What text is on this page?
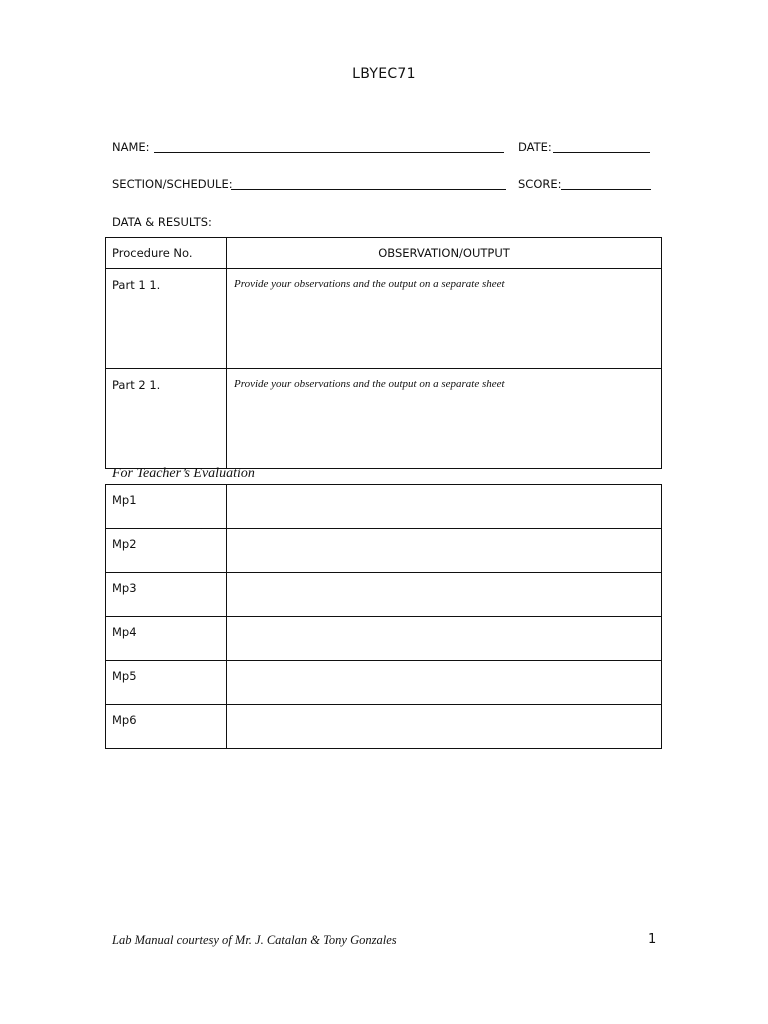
LBYEC71
NAME:	DATE:
SECTION/SCHEDULE:	SCORE:
DATA & RESULTS:
Procedure No.	OBSERVATION/OUTPUT
Part 1 1.	Provide your observations and the output on a separate sheet
Part 2 1.	Provide your observations and the output on a separate sheet
For Teacher’s Evaluation
Mp1	
Mp2	
Mp3	
Mp4	
Mp5	
Mp6	
Lab Manual courtesy of Mr. J. Catalan & Tony Gonzales	1
